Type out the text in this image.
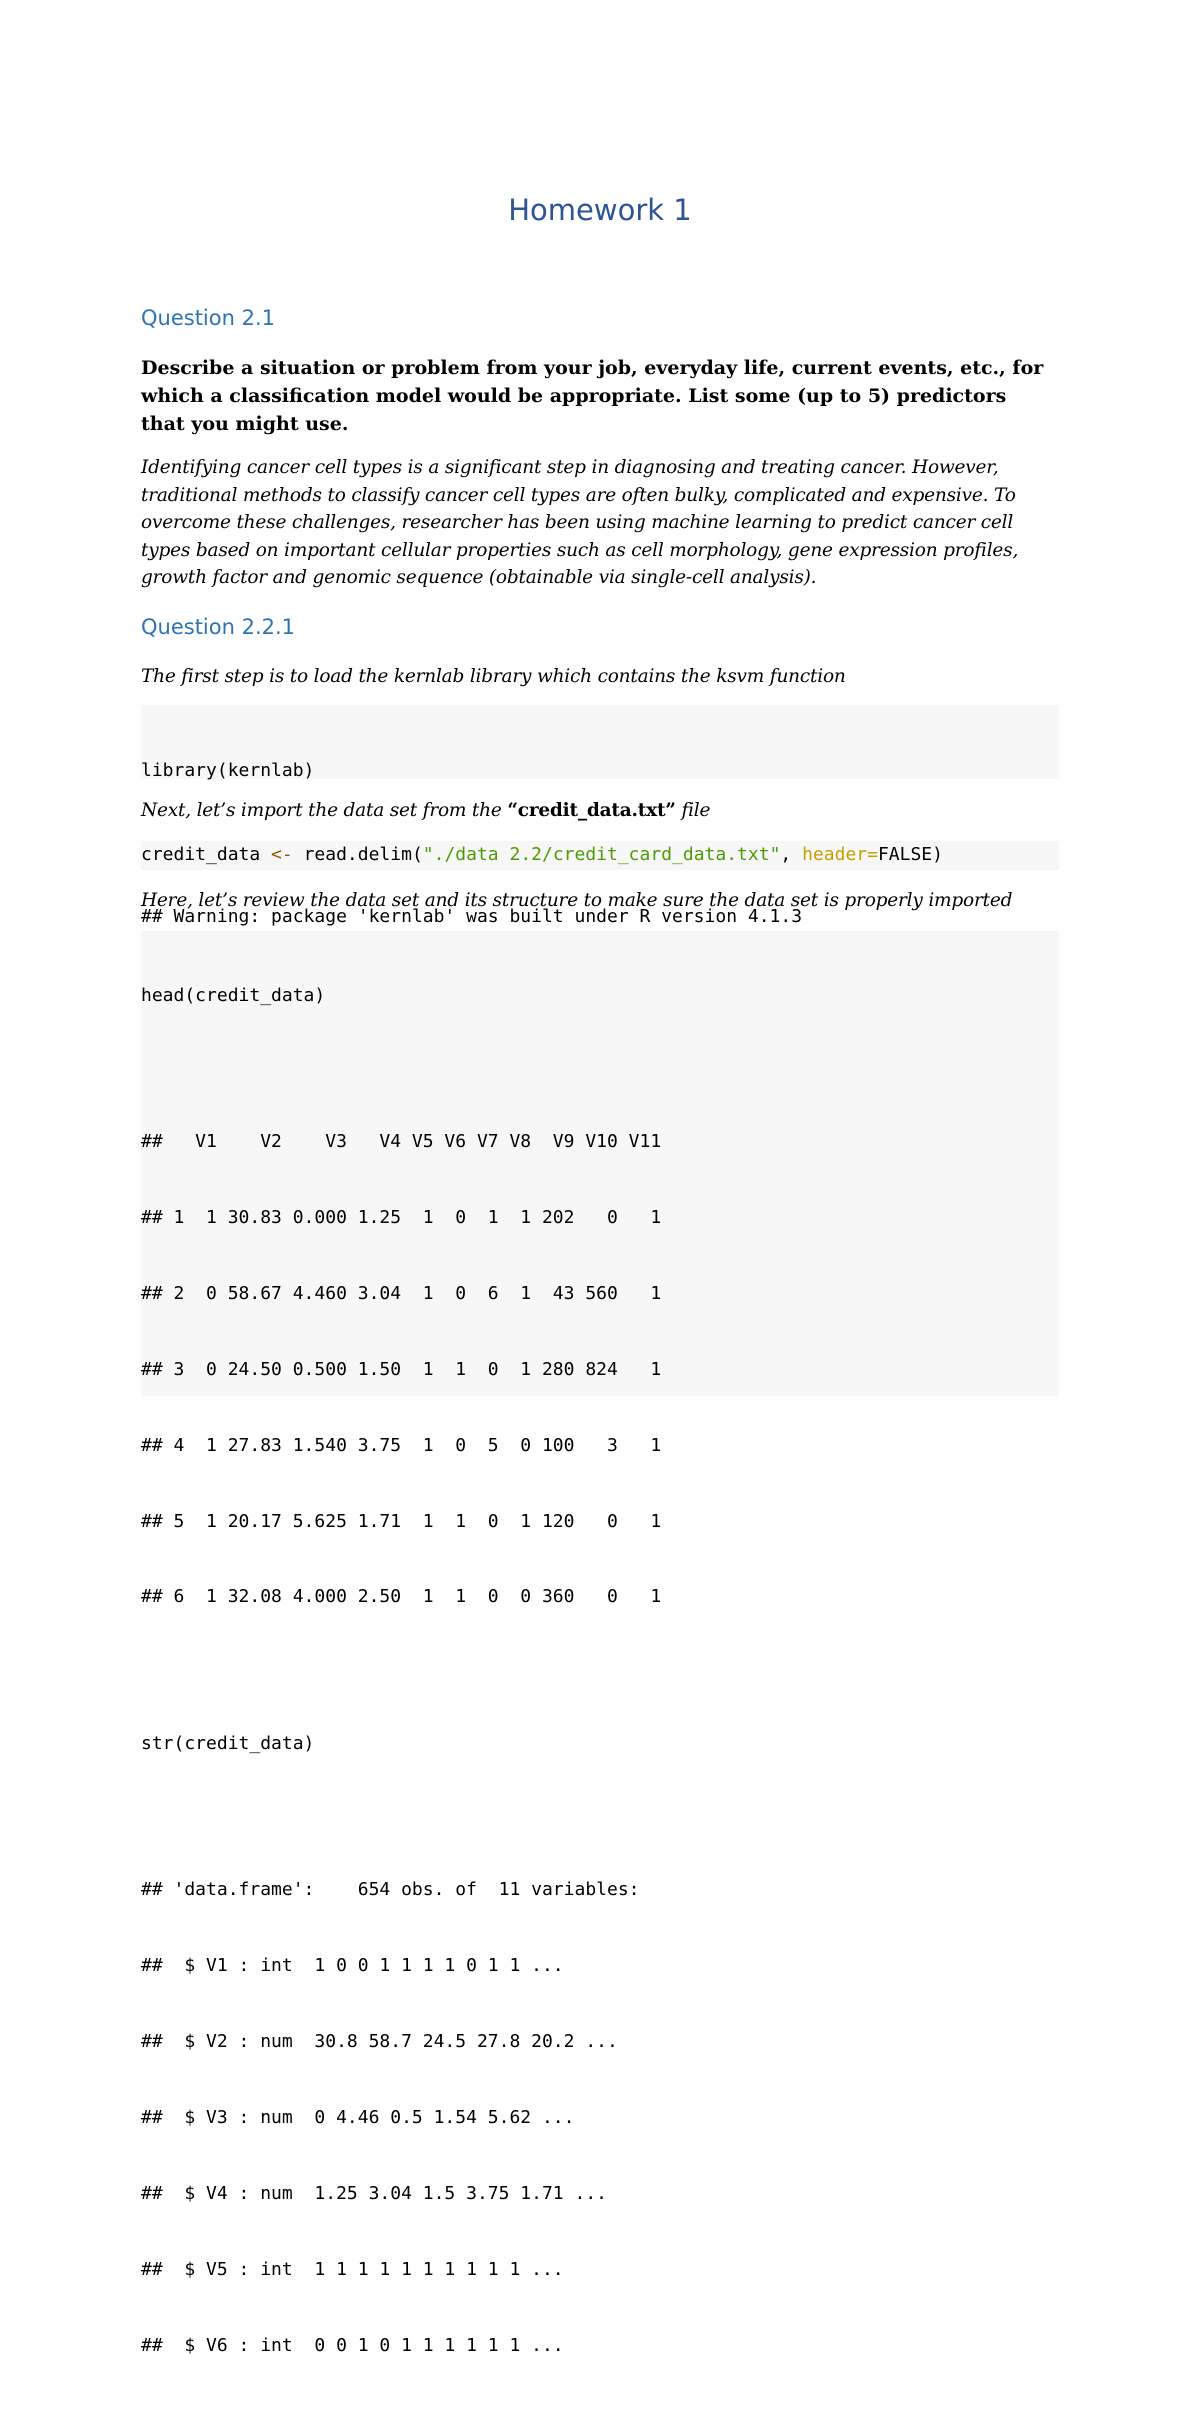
Homework 1
Question 2.1

Describe a situation or problem from your job, everyday life, current events, etc., for
which a classification model would be appropriate. List some (up to 5) predictors
that you might use.

Identifying cancer cell types is a significant step in diagnosing and treating cancer. However,
traditional methods to classify cancer cell types are often bulky, complicated and expensive. To
overcome these challenges, researcher has been using machine learning to predict cancer cell
types based on important cellular properties such as cell morphology, gene expression profiles,
growth factor and genomic sequence (obtainable via single-cell analysis).

Question 2.2.1

The first step is to load the kernlab library which contains the ksvm function

library(kernlab)

## Warning: package 'kernlab' was built under R version 4.1.3

Next, let’s import the data set from the “credit_data.txt” file

credit_data <- read.delim("./data 2.2/credit_card_data.txt", header=FALSE)

Here, let’s review the data set and its structure to make sure the data set is properly imported

head(credit_data)

##   V1    V2    V3   V4 V5 V6 V7 V8  V9 V10 V11

## 1  1 30.83 0.000 1.25  1  0  1  1 202   0   1

## 2  0 58.67 4.460 3.04  1  0  6  1  43 560   1

## 3  0 24.50 0.500 1.50  1  1  0  1 280 824   1

## 4  1 27.83 1.540 3.75  1  0  5  0 100   3   1

## 5  1 20.17 5.625 1.71  1  1  0  1 120   0   1

## 6  1 32.08 4.000 2.50  1  1  0  0 360   0   1

str(credit_data)

## 'data.frame':    654 obs. of  11 variables:

##  $ V1 : int  1 0 0 1 1 1 1 0 1 1 ...

##  $ V2 : num  30.8 58.7 24.5 27.8 20.2 ...

##  $ V3 : num  0 4.46 0.5 1.54 5.62 ...

##  $ V4 : num  1.25 3.04 1.5 3.75 1.71 ...

##  $ V5 : int  1 1 1 1 1 1 1 1 1 1 ...

##  $ V6 : int  0 0 1 0 1 1 1 1 1 1 ...
